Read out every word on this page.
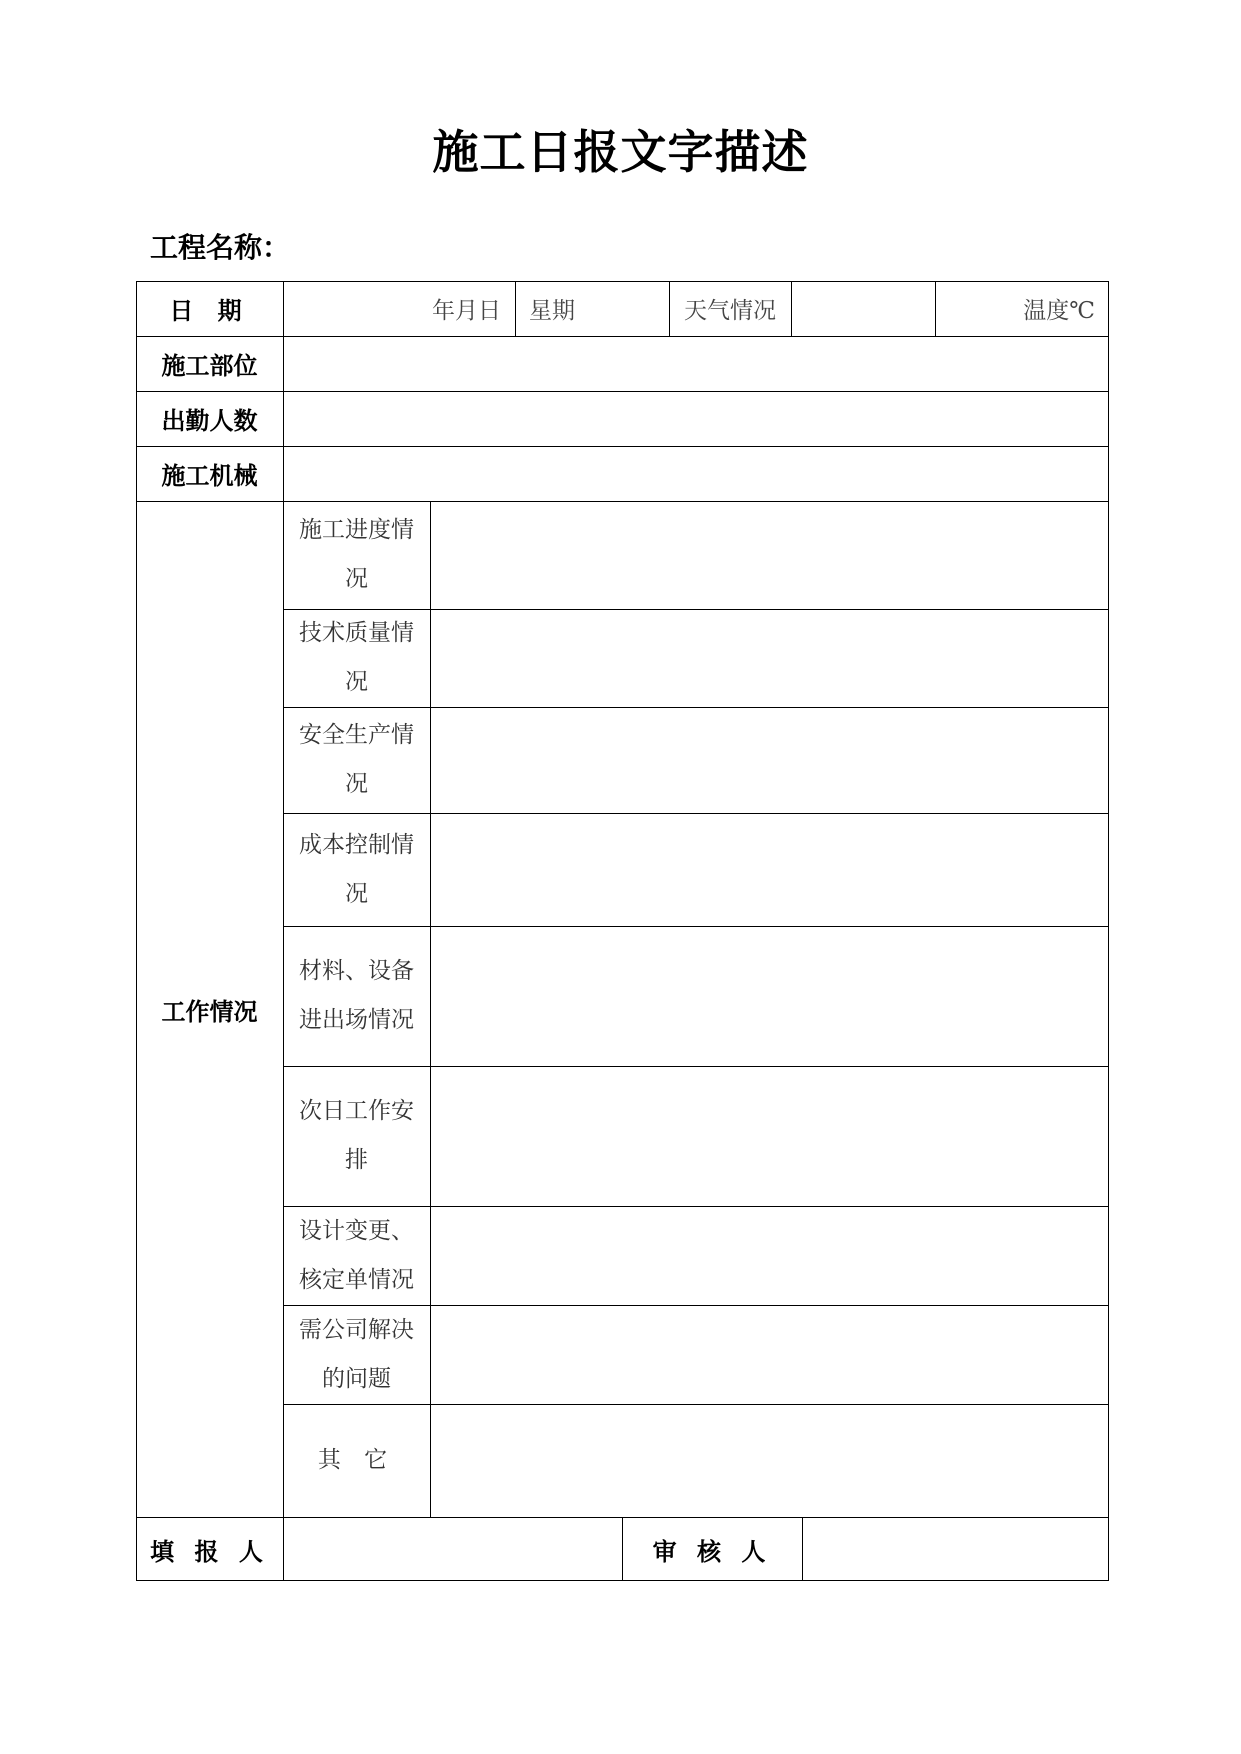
施工日报文字描述
工程名称：
日 期	年月日	星期	天气情况	温度℃
施工部位
出勤人数
施工机械
工作情况
施工进度情况
技术质量情况
安全生产情况
成本控制情况
材料、设备进出场情况
次日工作安排
设计变更、核定单情况
需公司解决的问题
其 它
填 报 人	审 核 人
